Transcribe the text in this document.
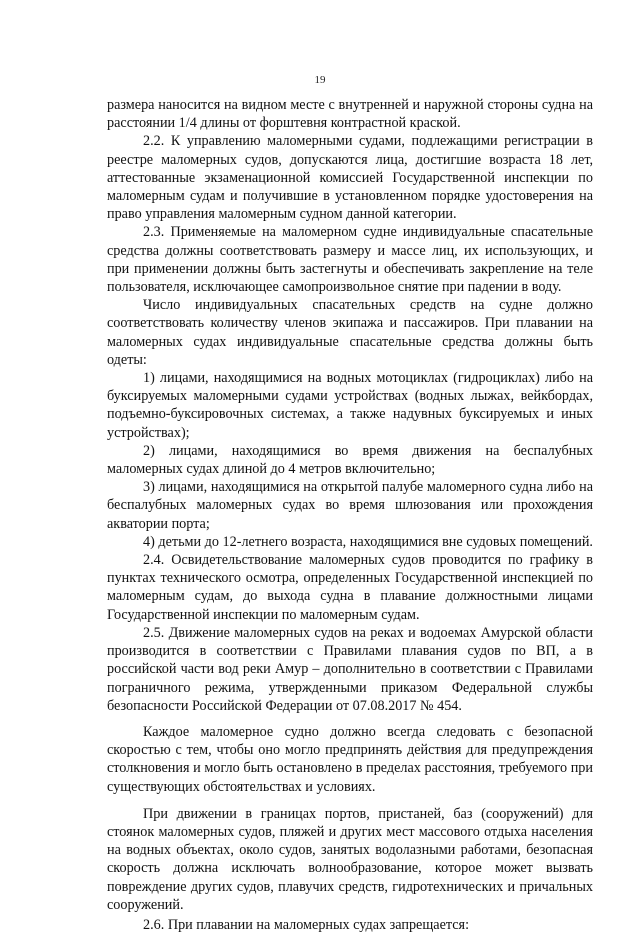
19

размера наносится на видном месте с внутренней и наружной стороны судна на расстоянии 1/4 длины от форштевня контрастной краской.

2.2. К управлению маломерными судами, подлежащими регистрации в реестре маломерных судов, допускаются лица, достигшие возраста 18 лет, аттестованные экзаменационной комиссией Государственной инспекции по маломерным судам и получившие в установленном порядке удостоверения на право управления маломерным судном данной категории.

2.3. Применяемые на маломерном судне индивидуальные спасательные средства должны соответствовать размеру и массе лиц, их использующих, и при применении должны быть застегнуты и обеспечивать закрепление на теле пользователя, исключающее самопроизвольное снятие при падении в воду.

Число индивидуальных спасательных средств на судне должно соответствовать количеству членов экипажа и пассажиров. При плавании на маломерных судах индивидуальные спасательные средства должны быть одеты:

1) лицами, находящимися на водных мотоциклах (гидроциклах) либо на буксируемых маломерными судами устройствах (водных лыжах, вейкбордах, подъемно-буксировочных системах, а также надувных буксируемых и иных устройствах);

2) лицами, находящимися во время движения на беспалубных маломерных судах длиной до 4 метров включительно;

3) лицами, находящимися на открытой палубе маломерного судна либо на беспалубных маломерных судах во время шлюзования или прохождения акватории порта;

4) детьми до 12-летнего возраста, находящимися вне судовых помещений.

2.4. Освидетельствование маломерных судов проводится по графику в пунктах технического осмотра, определенных Государственной инспекцией по маломерным судам, до выхода судна в плавание должностными лицами Государственной инспекции по маломерным судам.

2.5. Движение маломерных судов на реках и водоемах Амурской области производится в соответствии с Правилами плавания судов по ВП, а в российской части вод реки Амур – дополнительно в соответствии с Правилами пограничного режима, утвержденными приказом Федеральной службы безопасности Российской Федерации от 07.08.2017 № 454.

Каждое маломерное судно должно всегда следовать с безопасной скоростью с тем, чтобы оно могло предпринять действия для предупреждения столкновения и могло быть остановлено в пределах расстояния, требуемого при существующих обстоятельствах и условиях.

При движении в границах портов, пристаней, баз (сооружений) для стоянок маломерных судов, пляжей и других мест массового отдыха населения на водных объектах, около судов, занятых водолазными работами, безопасная скорость должна исключать волнообразование, которое может вызвать повреждение других судов, плавучих средств, гидротехнических и причальных сооружений.

2.6. При плавании на маломерных судах запрещается:
